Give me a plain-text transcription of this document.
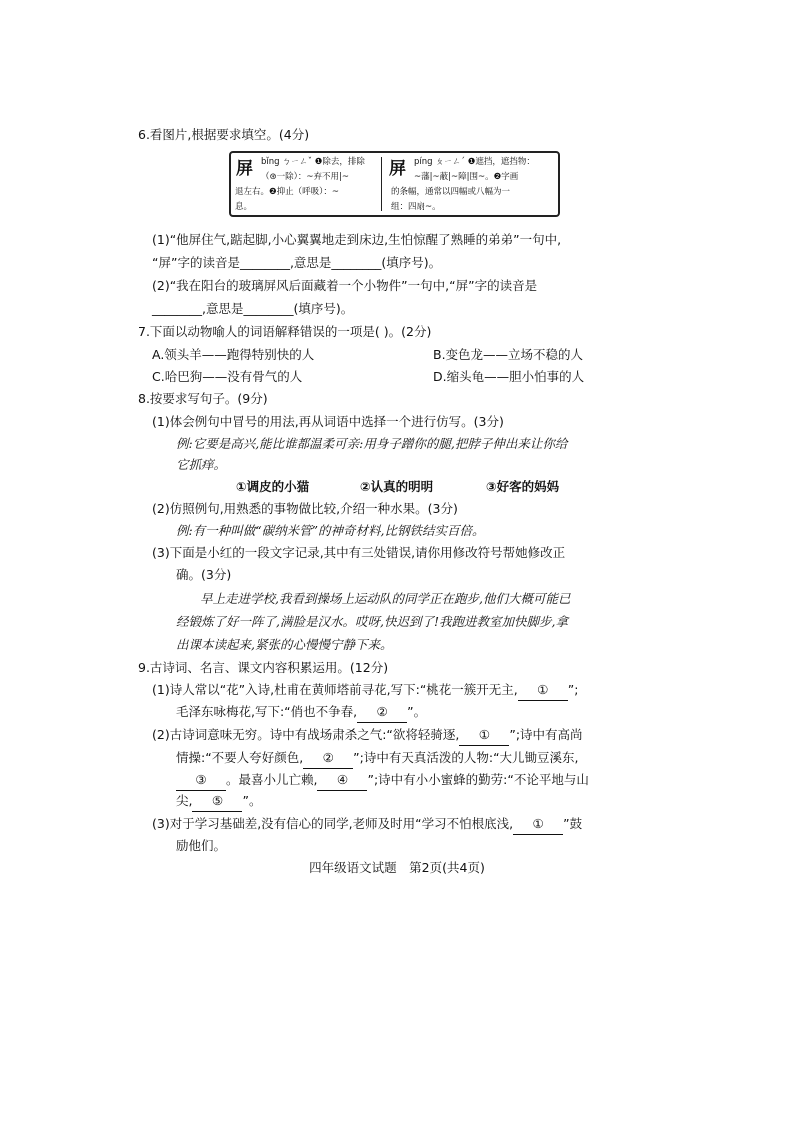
6.看图片,根据要求填空。(4分)
屏 bǐng ㄅㄧㄥˇ ❶除去，排除
（⊛一除）：~弃不用|~
退左右。❷抑止（呼吸）：~
息。
屏 píng ㄆㄧㄥˊ ❶遮挡，遮挡物：
~藩|~蔽|~障|围~。❷字画
的条幅，通常以四幅或八幅为一
组：四扇~。
(1)“他屏住气,踮起脚,小心翼翼地走到床边,生怕惊醒了熟睡的弟弟”一句中,
“屏”字的读音是________,意思是________(填序号)。
(2)“我在阳台的玻璃屏风后面藏着一个小物件”一句中,“屏”字的读音是
________,意思是________(填序号)。
7.下面以动物喻人的词语解释错误的一项是( )。(2分)
A.领头羊——跑得特别快的人	B.变色龙——立场不稳的人
C.哈巴狗——没有骨气的人	D.缩头龟——胆小怕事的人
8.按要求写句子。(9分)
(1)体会例句中冒号的用法,再从词语中选择一个进行仿写。(3分)
例:它要是高兴,能比谁都温柔可亲:用身子蹭你的腿,把脖子伸出来让你给
它抓痒。
①调皮的小猫	②认真的明明	③好客的妈妈
(2)仿照例句,用熟悉的事物做比较,介绍一种水果。(3分)
例:有一种叫做“碳纳米管”的神奇材料,比钢铁结实百倍。
(3)下面是小红的一段文字记录,其中有三处错误,请你用修改符号帮她修改正
确。(3分)
早上走进学校,我看到操场上运动队的同学正在跑步,他们大概可能已
经锻炼了好一阵了,满脸是汉水。哎呀,快迟到了!我跑进教室加快脚步,拿
出课本读起来,紧张的心慢慢宁静下来。
9.古诗词、名言、课文内容积累运用。(12分)
(1)诗人常以“花”入诗,杜甫在黄师塔前寻花,写下:“桃花一簇开无主, ① ”;
毛泽东咏梅花,写下:“俏也不争春, ② ”。
(2)古诗词意味无穷。诗中有战场肃杀之气:“欲将轻骑逐, ① ”;诗中有高尚
情操:“不要人夸好颜色, ② ”;诗中有天真活泼的人物:“大儿锄豆溪东,
③ 。最喜小儿亡赖, ④ ”;诗中有小小蜜蜂的勤劳:“不论平地与山
尖, ⑤ ”。
(3)对于学习基础差,没有信心的同学,老师及时用“学习不怕根底浅, ① ”鼓
励他们。
四年级语文试题　第2页(共4页)
